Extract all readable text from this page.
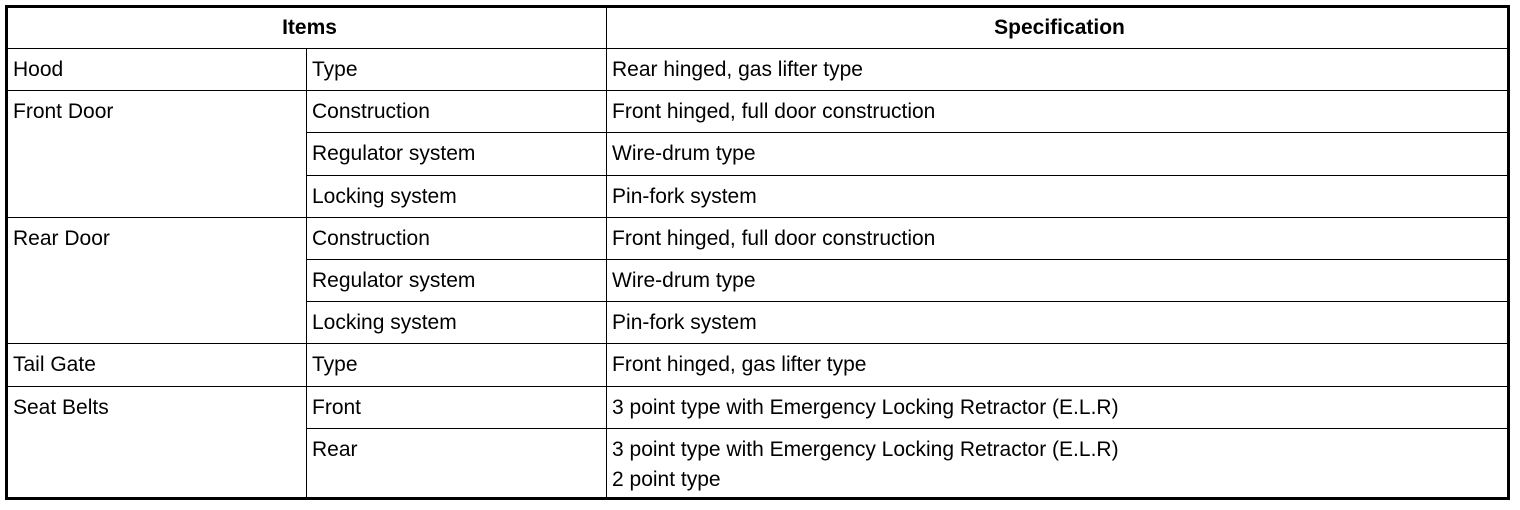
Items		Specification
Hood	Type	Rear hinged, gas lifter type
Front Door	Construction	Front hinged, full door construction
	Regulator system	Wire-drum type
	Locking system	Pin-fork system
Rear Door	Construction	Front hinged, full door construction
	Regulator system	Wire-drum type
	Locking system	Pin-fork system
Tail Gate	Type	Front hinged, gas lifter type
Seat Belts	Front	3 point type with Emergency Locking Retractor (E.L.R)
	Rear	3 point type with Emergency Locking Retractor (E.L.R)
2 point type
